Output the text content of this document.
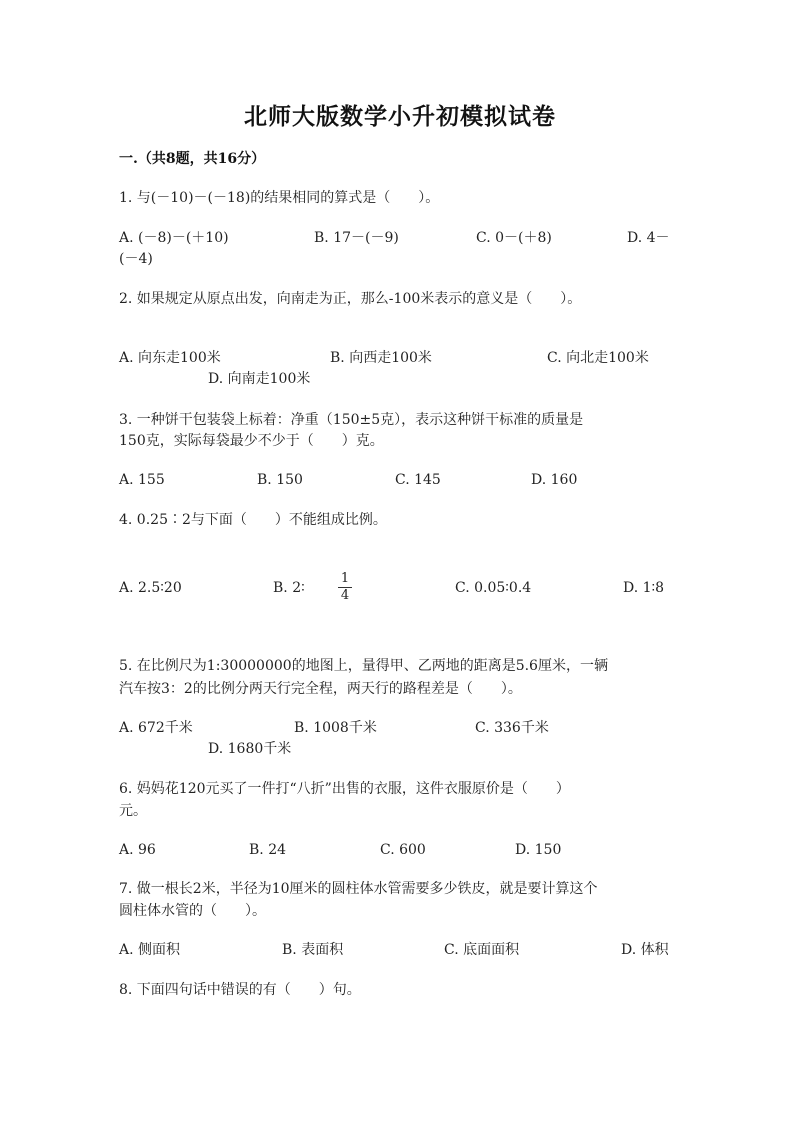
北师大版数学小升初模拟试卷
一.（共8题，共16分）
1. 与(－10)－(－18)的结果相同的算式是（　　）。
A. (－8)－(＋10)	B. 17－(－9)	C. 0－(＋8)	D. 4－
(－4)
2. 如果规定从原点出发，向南走为正，那么-100米表示的意义是（　　）。
A. 向东走100米	B. 向西走100米	C. 向北走100米
D. 向南走100米
3. 一种饼干包装袋上标着：净重（150±5克），表示这种饼干标准的质量是
150克，实际每袋最少不少于（　　）克。
A. 155	B. 150	C. 145	D. 160
4. 0.25∶2与下面（　　）不能组成比例。
A. 2.5∶20	B. 2∶
1
4	C. 0.05∶0.4	D. 1∶8
5. 在比例尺为1:30000000的地图上，量得甲、乙两地的距离是5.6厘米，一辆
汽车按3：2的比例分两天行完全程，两天行的路程差是（　　）。
A. 672千米	B. 1008千米	C. 336千米
D. 1680千米
6. 妈妈花120元买了一件打“八折”出售的衣服，这件衣服原价是（　　）
元。
A. 96	B. 24	C. 600	D. 150
7. 做一根长2米，半径为10厘米的圆柱体水管需要多少铁皮，就是要计算这个
圆柱体水管的（　　）。
A. 侧面积	B. 表面积	C. 底面面积	D. 体积
8. 下面四句话中错误的有（　　）句。
